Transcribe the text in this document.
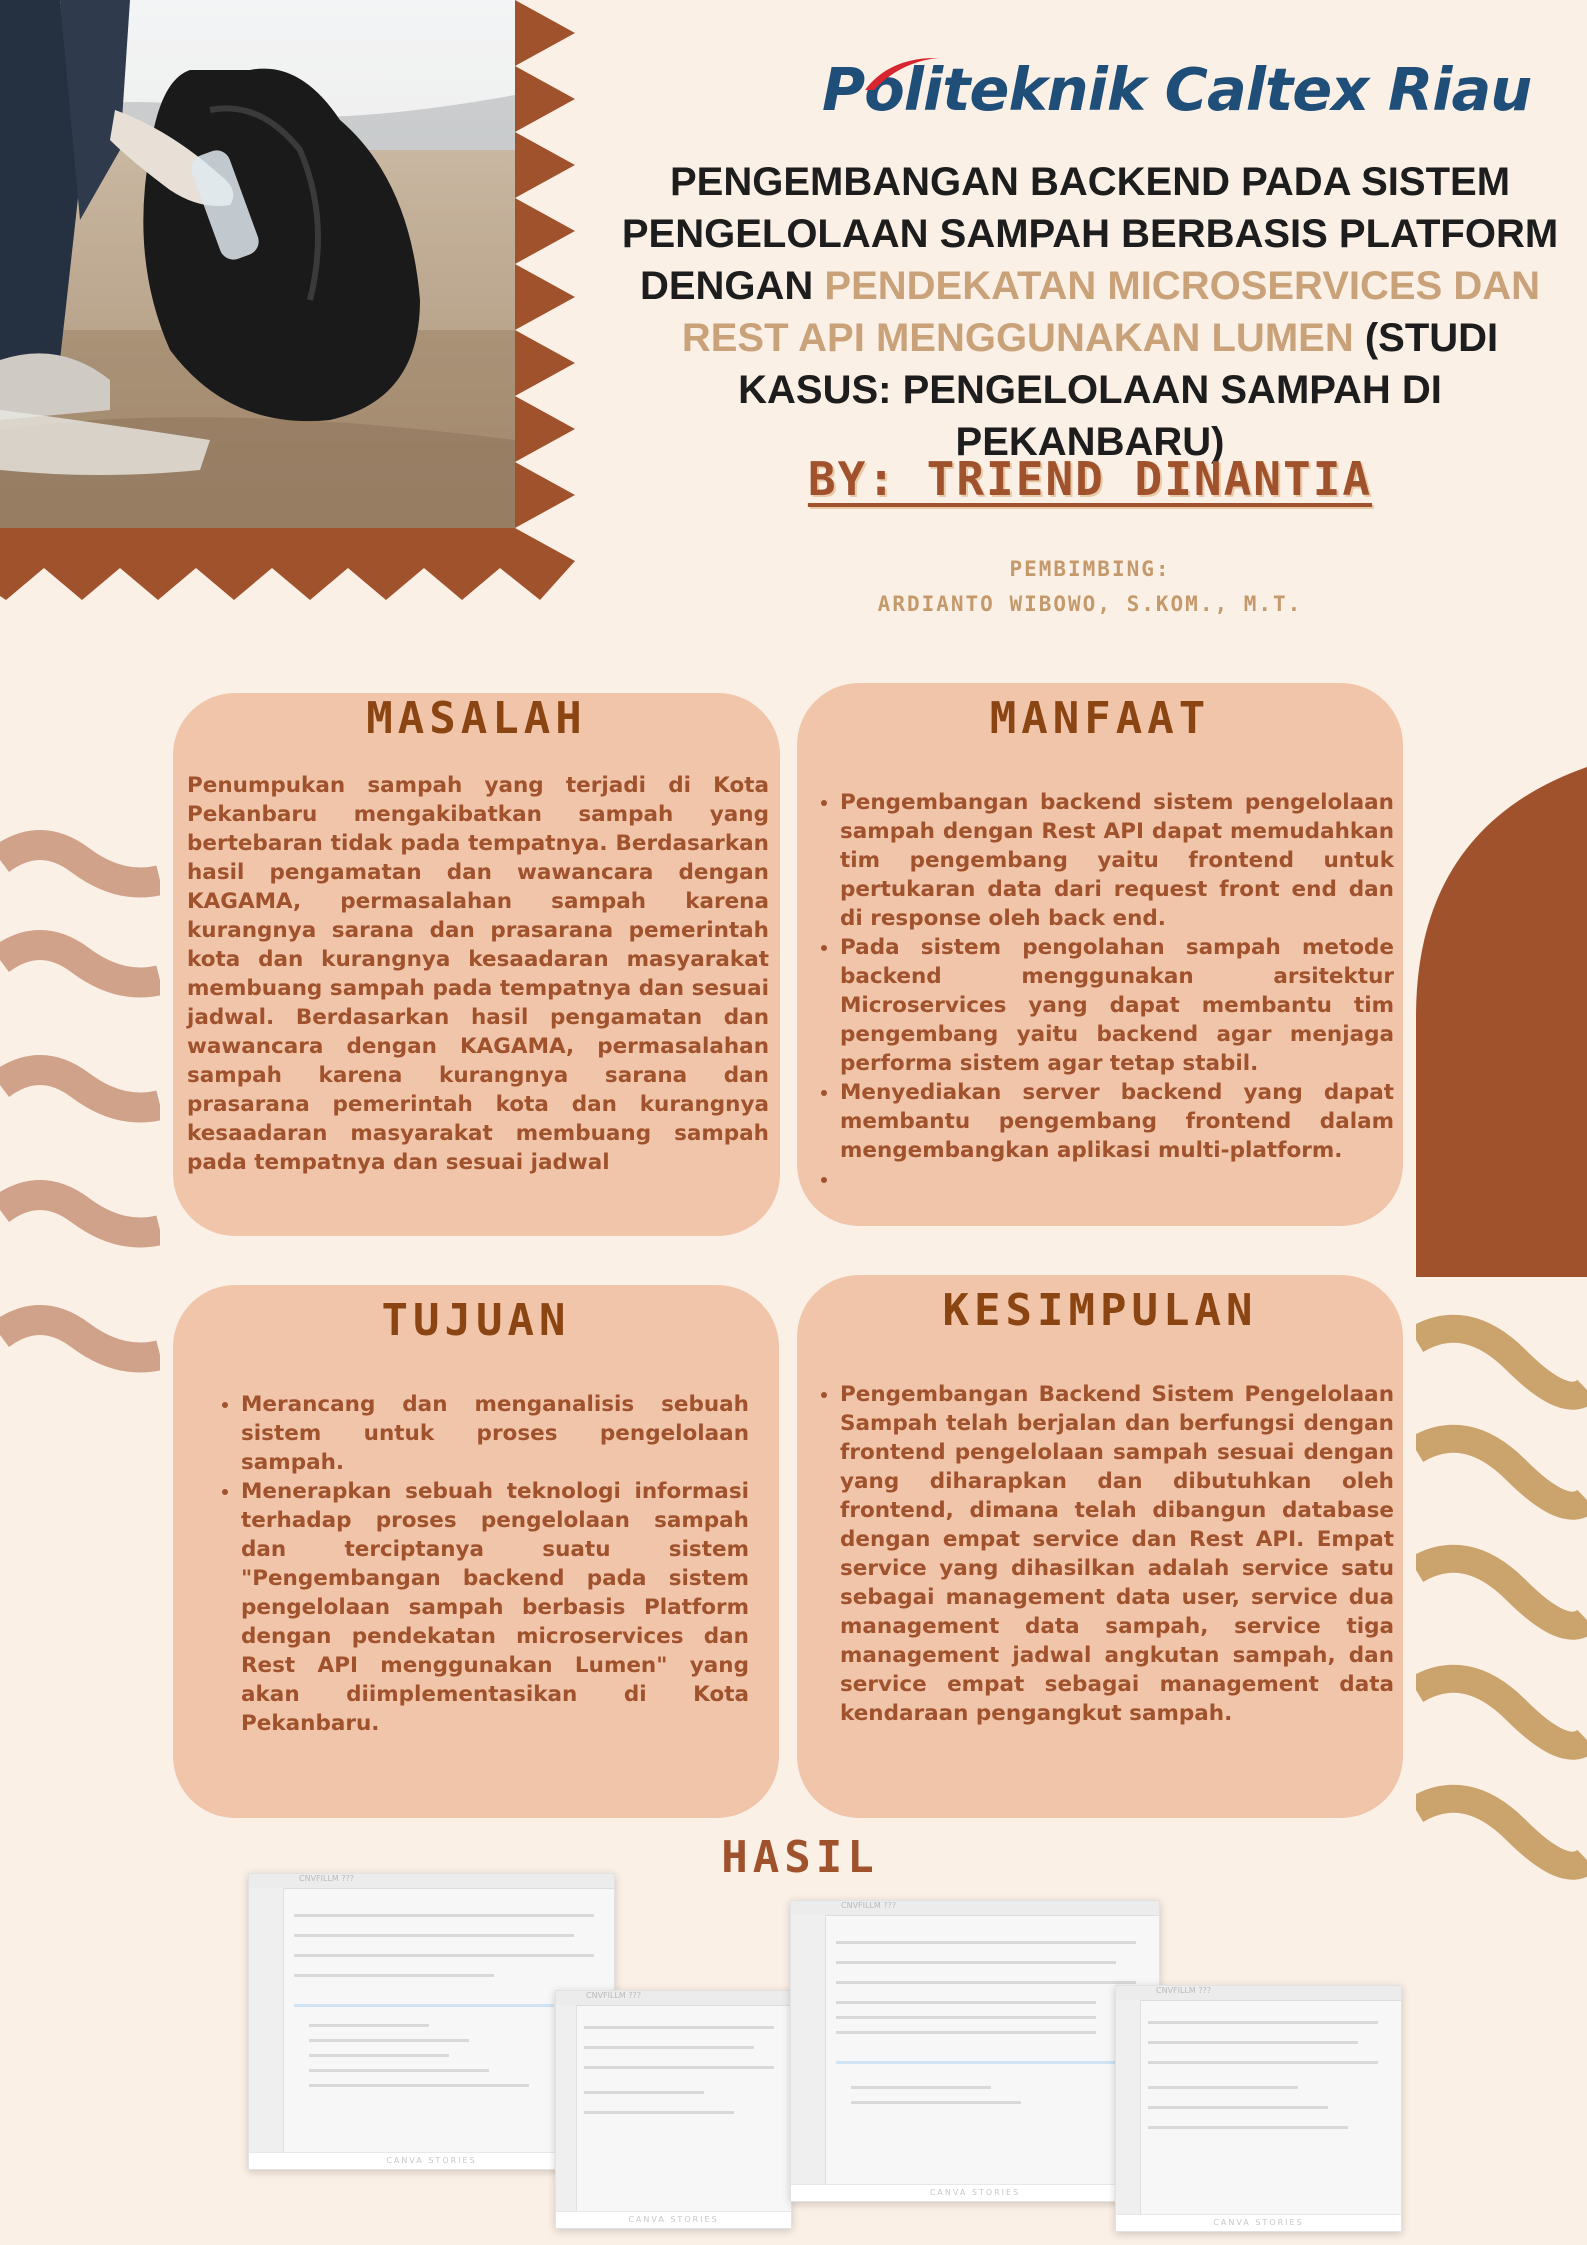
Politeknik Caltex Riau
PENGEMBANGAN BACKEND PADA SISTEM PENGELOLAAN SAMPAH BERBASIS PLATFORM DENGAN PENDEKATAN MICROSERVICES DAN REST API MENGGUNAKAN LUMEN (STUDI KASUS: PENGELOLAAN SAMPAH DI PEKANBARU)
BY: TRIEND DINANTIA
PEMBIMBING:
ARDIANTO WIBOWO, S.KOM., M.T.
MASALAH
Penumpukan sampah yang terjadi di Kota Pekanbaru mengakibatkan sampah yang bertebaran tidak pada tempatnya. Berdasarkan hasil pengamatan dan wawancara dengan KAGAMA, permasalahan sampah karena kurangnya sarana dan prasarana pemerintah kota dan kurangnya kesaadaran masyarakat membuang sampah pada tempatnya dan sesuai jadwal. Berdasarkan hasil pengamatan dan wawancara dengan KAGAMA, permasalahan sampah karena kurangnya sarana dan prasarana pemerintah kota dan kurangnya kesaadaran masyarakat membuang sampah pada tempatnya dan sesuai jadwal
MANFAAT
• Pengembangan backend sistem pengelolaan sampah dengan Rest API dapat memudahkan tim pengembang yaitu frontend untuk pertukaran data dari request front end dan di response oleh back end.
• Pada sistem pengolahan sampah metode backend menggunakan arsitektur Microservices yang dapat membantu tim pengembang yaitu backend agar menjaga performa sistem agar tetap stabil.
• Menyediakan server backend yang dapat membantu pengembang frontend dalam mengembangkan aplikasi multi-platform.
•
TUJUAN
• Merancang dan menganalisis sebuah sistem untuk proses pengelolaan sampah.
• Menerapkan sebuah teknologi informasi terhadap proses pengelolaan sampah dan terciptanya suatu sistem "Pengembangan backend pada sistem pengelolaan sampah berbasis Platform dengan pendekatan microservices dan Rest API menggunakan Lumen" yang akan diimplementasikan di Kota Pekanbaru.
KESIMPULAN
• Pengembangan Backend Sistem Pengelolaan Sampah telah berjalan dan berfungsi dengan frontend pengelolaan sampah sesuai dengan yang diharapkan dan dibutuhkan oleh frontend, dimana telah dibangun database dengan empat service dan Rest API. Empat service yang dihasilkan adalah service satu sebagai management data user, service dua management data sampah, service tiga management jadwal angkutan sampah, dan service empat sebagai management data kendaraan pengangkut sampah.
HASIL
CNVFILLM ???
CANVA STORIES
CNVFILLM ???
CANVA STORIES
CNVFILLM ???
CANVA STORIES
CNVFILLM ???
CANVA STORIES
